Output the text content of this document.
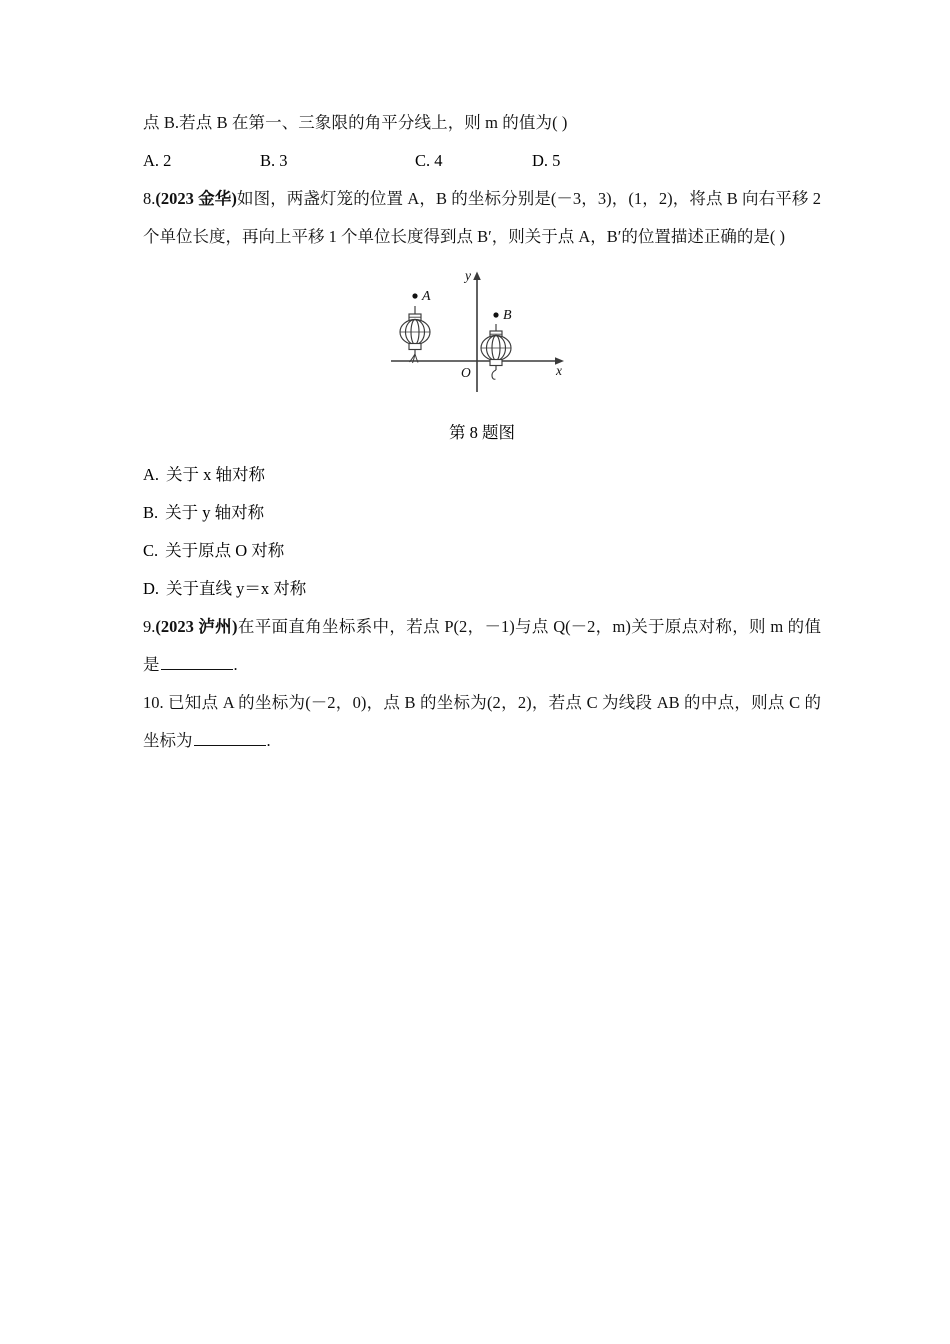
点 B.若点 B 在第一、三象限的角平分线上，则 m 的值为( )
A. 2	B. 3	C. 4	D. 5
8.(2023 金华)如图，两盏灯笼的位置 A，B 的坐标分别是(－3，3)，(1，2)，将点 B 向右平移 2 个单位长度，再向上平移 1 个单位长度得到点 B′，则关于点 A，B′的位置描述正确的是( )
y
x
O
A
B
第 8 题图
A. 关于 x 轴对称
B. 关于 y 轴对称
C. 关于原点 O 对称
D. 关于直线 y＝x 对称
9.(2023 泸州)在平面直角坐标系中，若点 P(2，－1)与点 Q(－2，m)关于原点对称，则 m 的值是	.
10. 已知点 A 的坐标为(－2，0)，点 B 的坐标为(2，2)，若点 C 为线段 AB 的中点，则点 C 的坐标为	.
